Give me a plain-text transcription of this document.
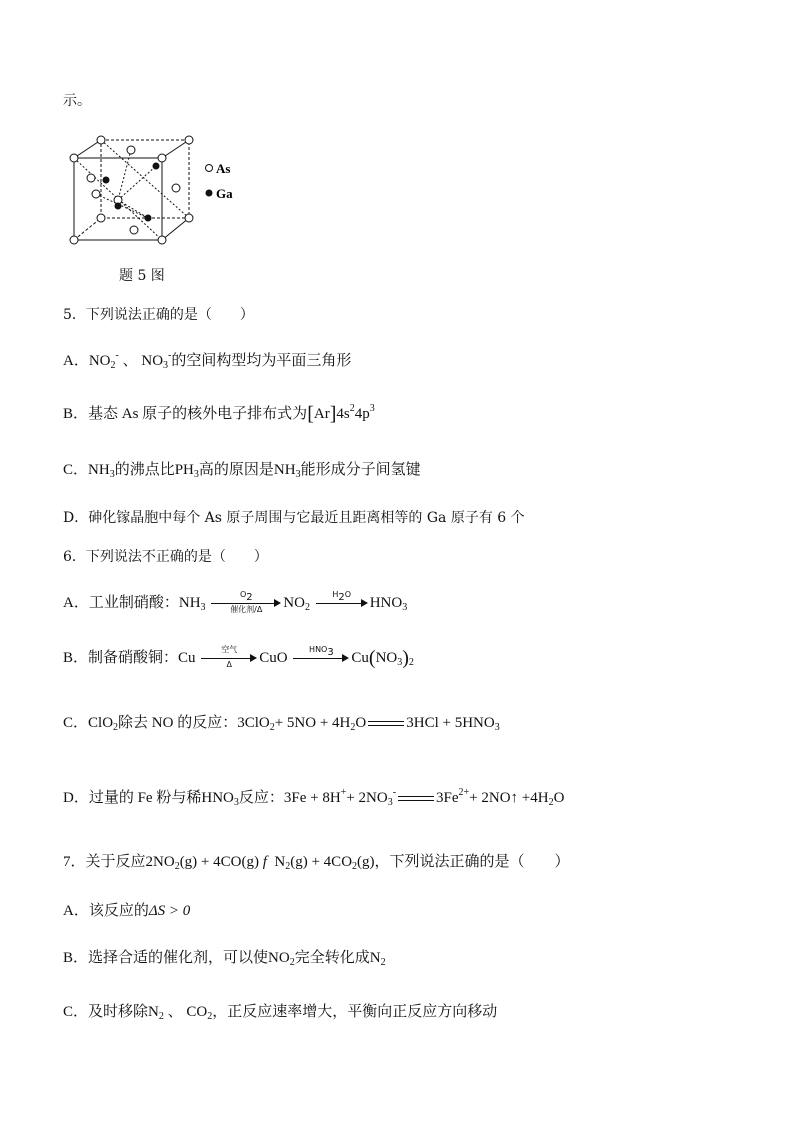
示。
As
Ga
题 5 图
5．下列说法正确的是（　　）
A．$NO_2^-$ 、 $NO_3^-$的空间构型均为平面三角形
B．基态 As 原子的核外电子排布式为$[Ar]4s^24p^3$
C．$NH_3$的沸点比$PH_3$高的原因是$NH_3$能形成分子间氢键
D．砷化镓晶胞中每个 As 原子周围与它最近且距离相等的 Ga 原子有 6 个
6．下列说法不正确的是（　　）
A．工业制硝酸：$NH_3$
$O_2$
催化剂/Δ	$NO_2$
$H_2O$
$HNO_3$
B．制备硝酸铜：Cu
空气
Δ	CuO
$HNO_3$	$Cu(NO_3)_2$
C．ClO$_2$除去 NO 的反应：$3ClO_2+ 5NO + 4H_2O$	$3HCl + 5HNO_3$
D．过量的 Fe 粉与稀$HNO_3$反应：$3Fe + 8H^++ 2NO_3^-$	$3Fe^{2+}+$ 2NO↑ $+4H_2O$
7．关于反应$2NO_2(g) + 4CO(g)$ f $N_2(g) + 4CO_2(g)$，下列说法正确的是（　　）
A．该反应的ΔS > 0
B．选择合适的催化剂，可以使$NO_2$完全转化成$N_2$
C．及时移除$N_2$ 、 $CO_2$，正反应速率增大，平衡向正反应方向移动
